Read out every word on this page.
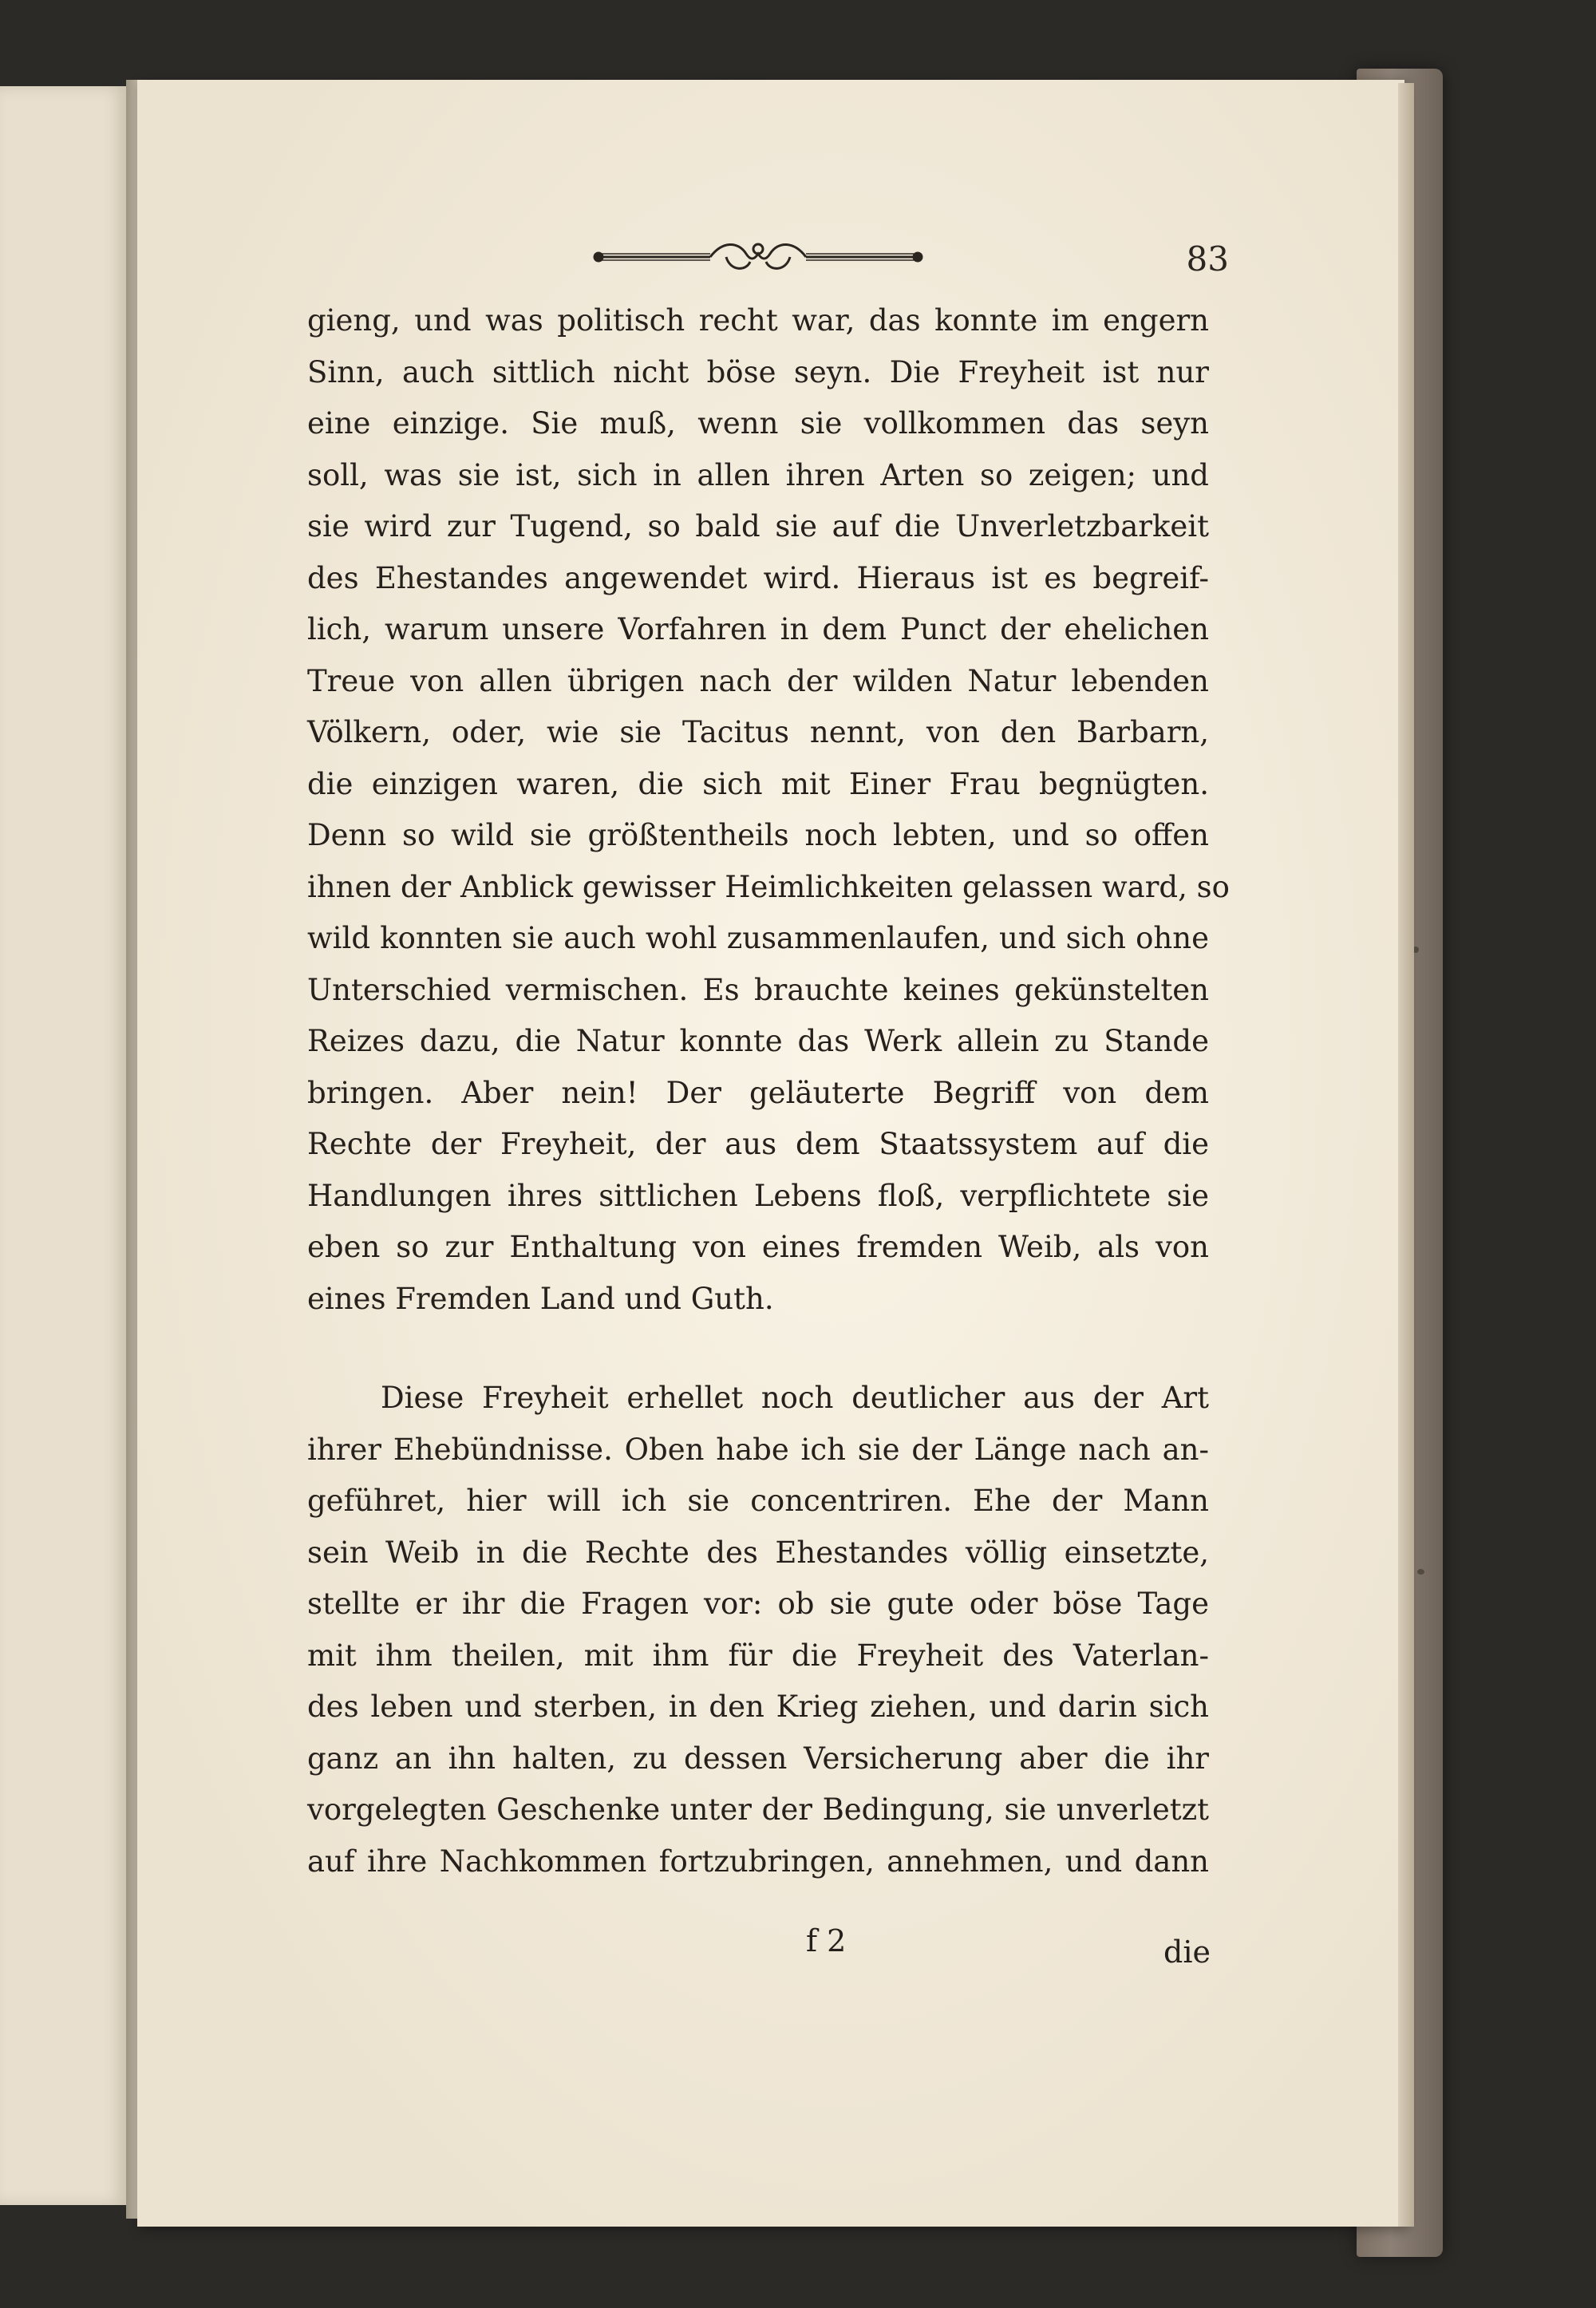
83
gieng, und was politisch recht war, das konnte im engern
Sinn, auch sittlich nicht böse seyn. Die Freyheit ist nur
eine einzige. Sie muß, wenn sie vollkommen das seyn
soll, was sie ist, sich in allen ihren Arten so zeigen; und
sie wird zur Tugend, so bald sie auf die Unverletzbarkeit
des Ehestandes angewendet wird. Hieraus ist es begreif-
lich, warum unsere Vorfahren in dem Punct der ehelichen
Treue von allen übrigen nach der wilden Natur lebenden
Völkern, oder, wie sie Tacitus nennt, von den Barbarn,
die einzigen waren, die sich mit Einer Frau begnügten.
Denn so wild sie größtentheils noch lebten, und so offen
ihnen der Anblick gewisser Heimlichkeiten gelassen ward, so
wild konnten sie auch wohl zusammenlaufen, und sich ohne
Unterschied vermischen. Es brauchte keines gekünstelten
Reizes dazu, die Natur konnte das Werk allein zu Stande
bringen. Aber nein! Der geläuterte Begriff von dem
Rechte der Freyheit, der aus dem Staatssystem auf die
Handlungen ihres sittlichen Lebens floß, verpflichtete sie
eben so zur Enthaltung von eines fremden Weib, als von
eines Fremden Land und Guth.
Diese Freyheit erhellet noch deutlicher aus der Art
ihrer Ehebündnisse. Oben habe ich sie der Länge nach an-
geführet, hier will ich sie concentriren. Ehe der Mann
sein Weib in die Rechte des Ehestandes völlig einsetzte,
stellte er ihr die Fragen vor: ob sie gute oder böse Tage
mit ihm theilen, mit ihm für die Freyheit des Vaterlan-
des leben und sterben, in den Krieg ziehen, und darin sich
ganz an ihn halten, zu dessen Versicherung aber die ihr
vorgelegten Geschenke unter der Bedingung, sie unverletzt
auf ihre Nachkommen fortzubringen, annehmen, und dann
f 2	die
